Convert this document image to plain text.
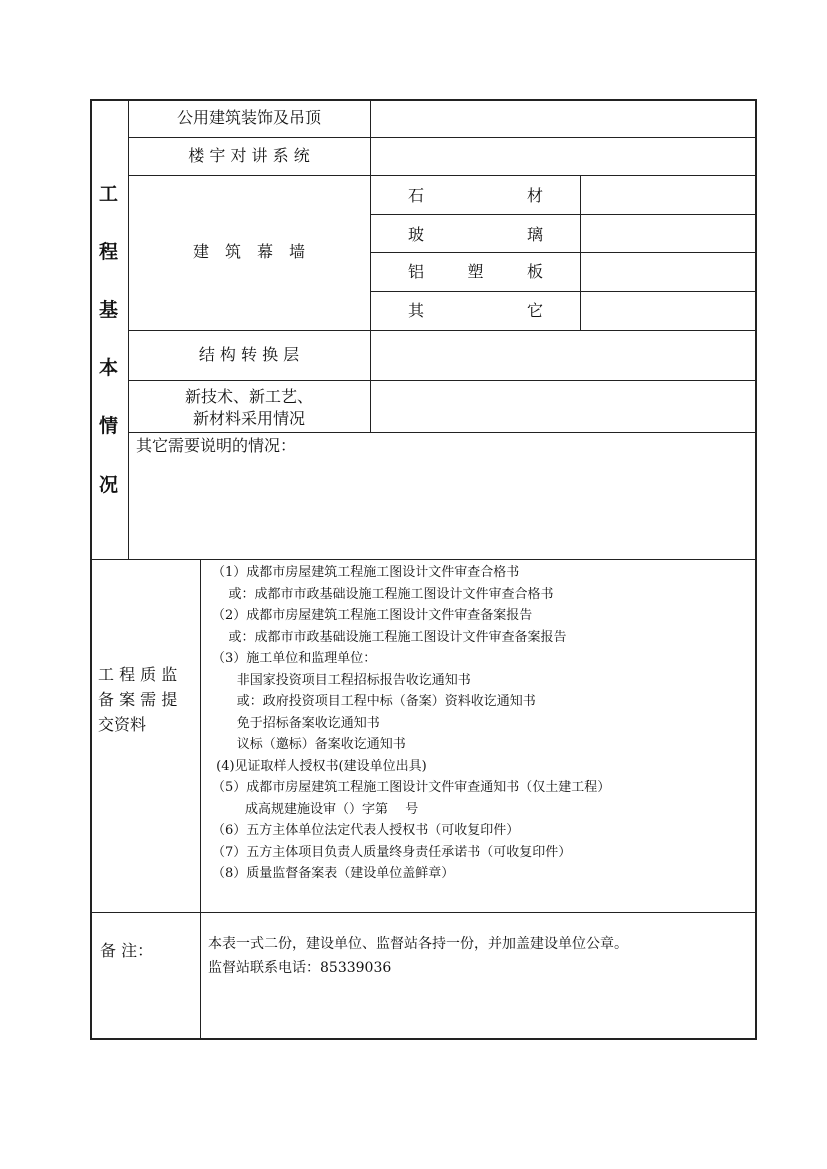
工
程
基
本
情
况
公用建筑装饰及吊顶
楼 宇 对 讲 系 统
建　筑　幕　墙
石	材
玻	璃
铝	塑	板
其	它
结 构 转 换 层
新技术、新工艺、
新材料采用情况
其它需要说明的情况：
工 程 质 监
备 案 需 提
交资料
（1）成都市房屋建筑工程施工图设计文件审查合格书
或：成都市市政基础设施工程施工图设计文件审查合格书
（2）成都市房屋建筑工程施工图设计文件审查备案报告
或：成都市市政基础设施工程施工图设计文件审查备案报告
（3）施工单位和监理单位：
非国家投资项目工程招标报告收讫通知书
或：政府投资项目工程中标（备案）资料收讫通知书
免于招标备案收讫通知书
议标（邀标）备案收讫通知书
(4)见证取样人授权书(建设单位出具)
（5）成都市房屋建筑工程施工图设计文件审查通知书（仅土建工程）
成高规建施设审（）字第　 号
（6）五方主体单位法定代表人授权书（可收复印件）
（7）五方主体项目负责人质量终身责任承诺书（可收复印件）
（8）质量监督备案表（建设单位盖鲜章）
备 注：	本表一式二份，建设单位、监督站各持一份，并加盖建设单位公章。
监督站联系电话：85339036
